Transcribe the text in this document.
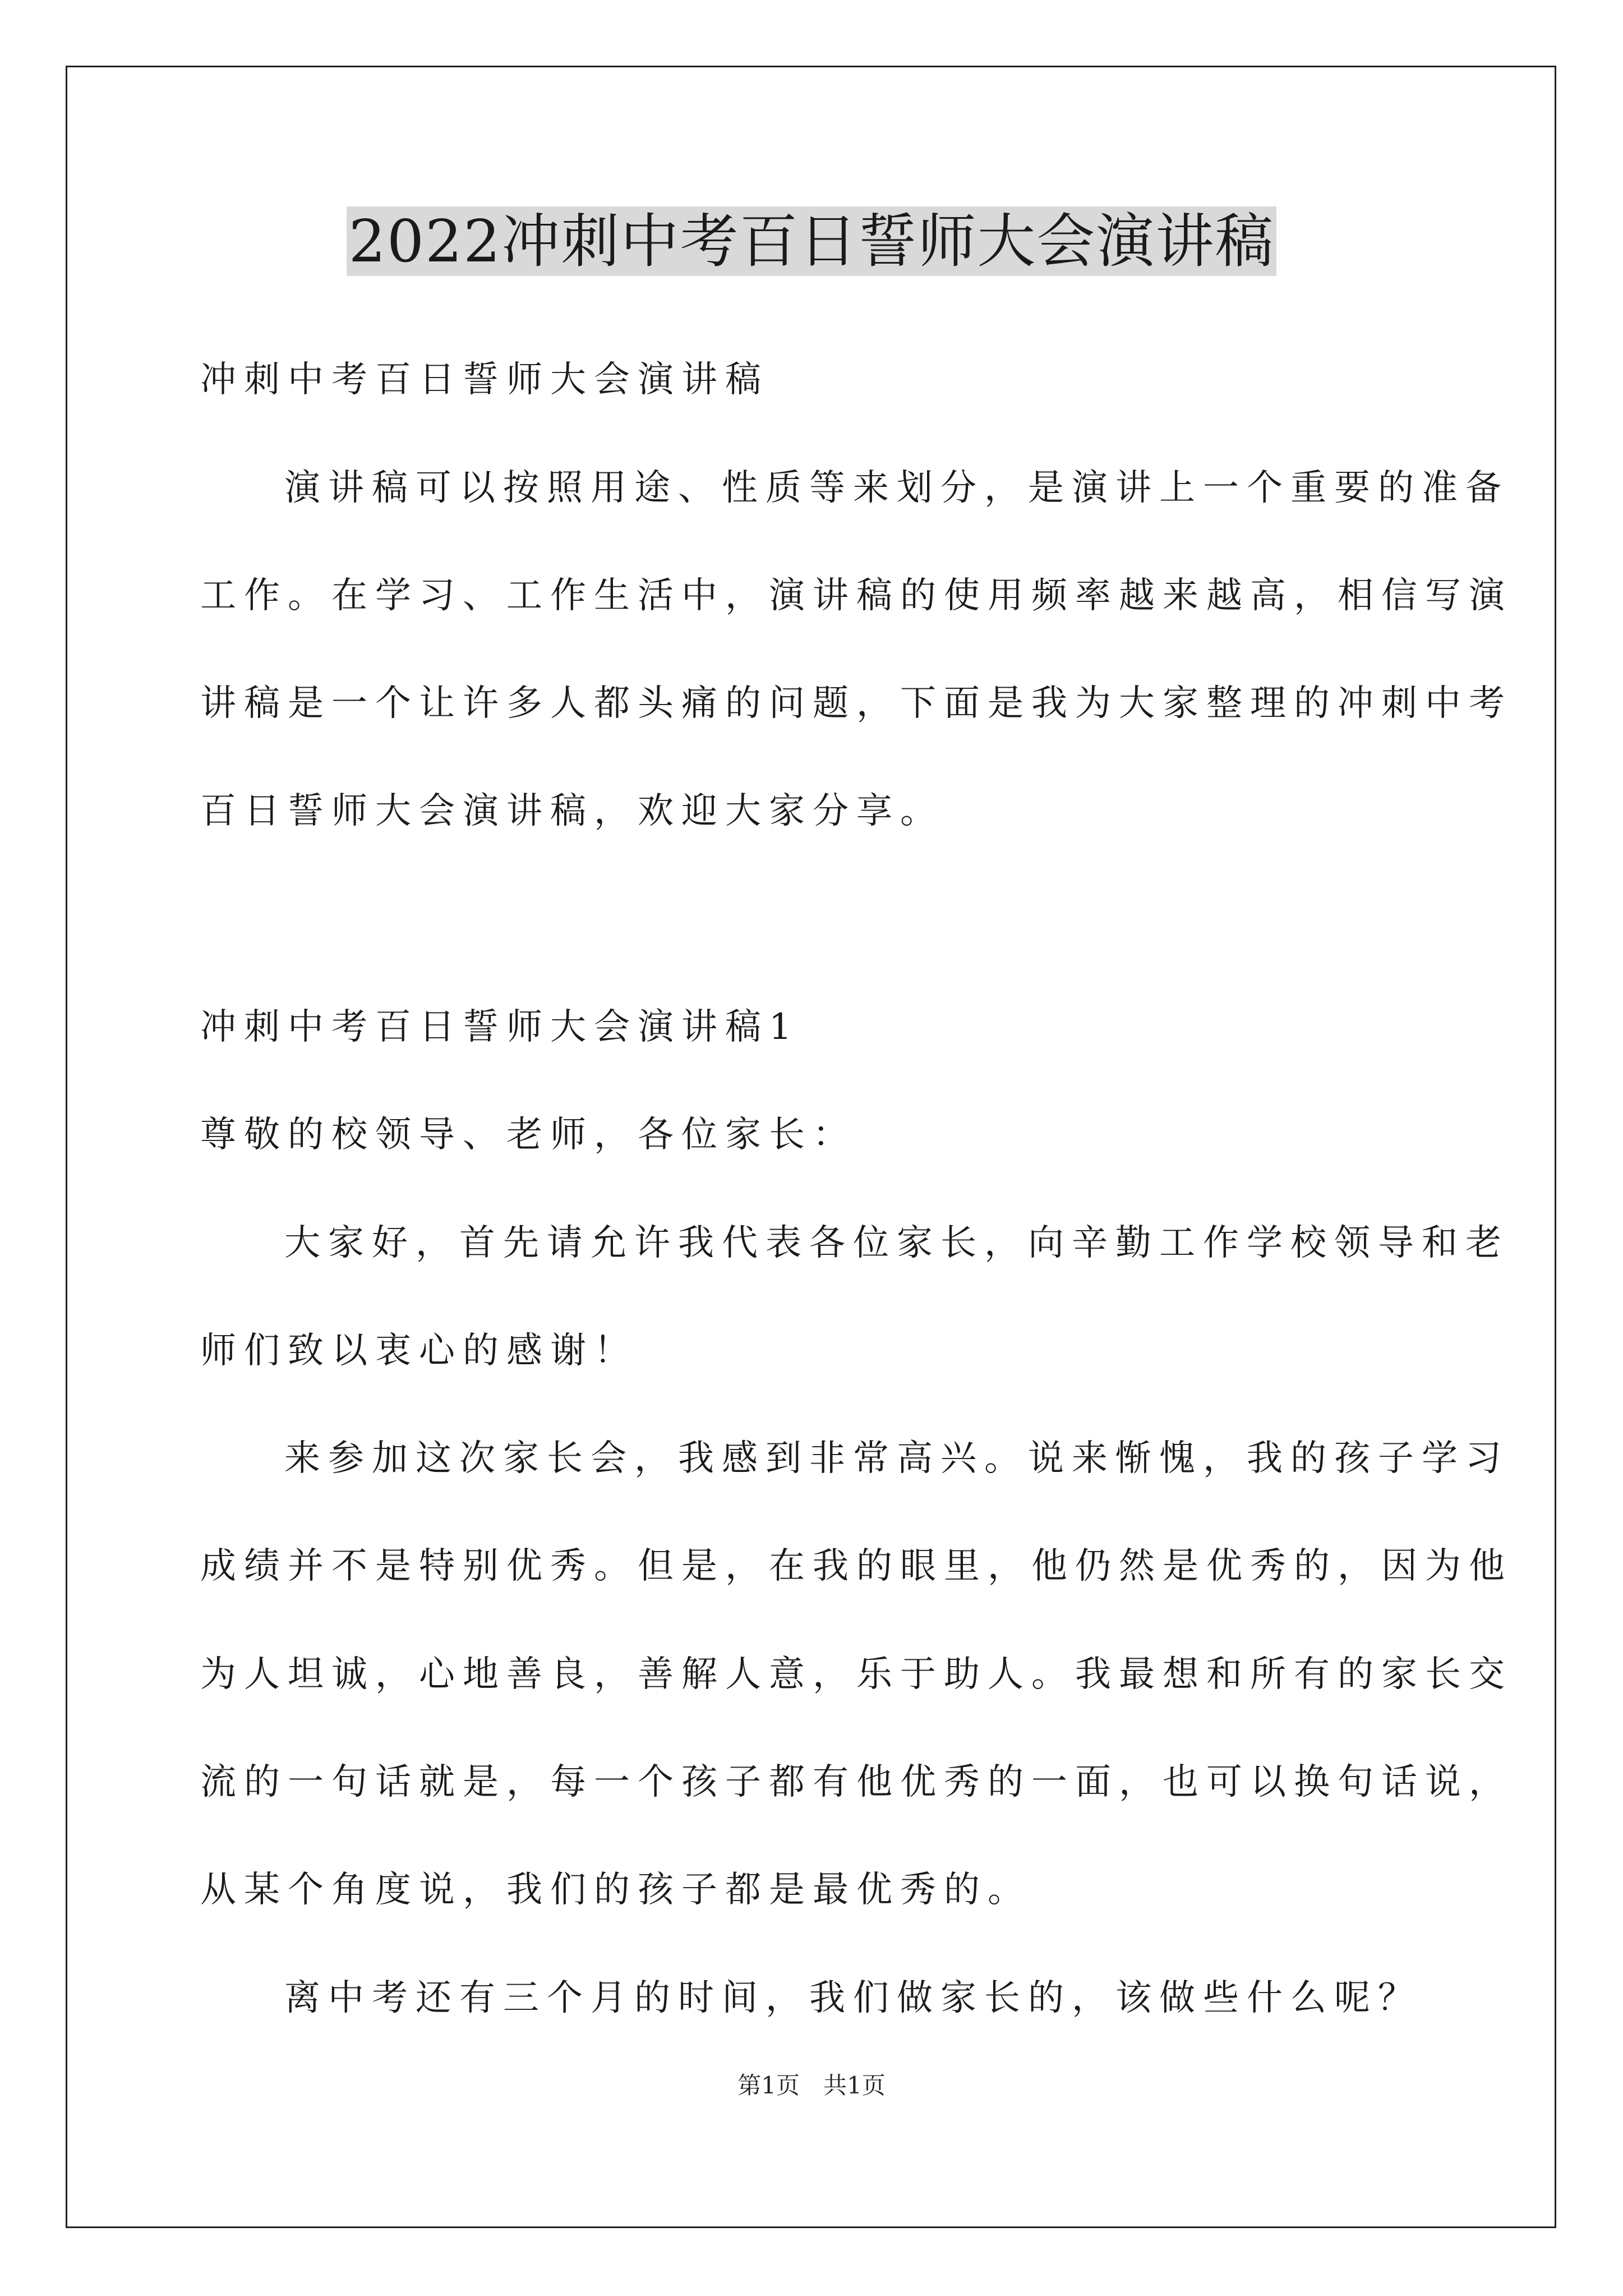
2022冲刺中考百日誓师大会演讲稿
冲刺中考百日誓师大会演讲稿
演讲稿可以按照用途、性质等来划分，是演讲上一个重要的准备
工作。在学习、工作生活中，演讲稿的使用频率越来越高，相信写演
讲稿是一个让许多人都头痛的问题，下面是我为大家整理的冲刺中考
百日誓师大会演讲稿，欢迎大家分享。
冲刺中考百日誓师大会演讲稿1
尊敬的校领导、老师，各位家长：
大家好，首先请允许我代表各位家长，向辛勤工作学校领导和老
师们致以衷心的感谢！
来参加这次家长会，我感到非常高兴。说来惭愧，我的孩子学习
成绩并不是特别优秀。但是，在我的眼里，他仍然是优秀的，因为他
为人坦诚，心地善良，善解人意，乐于助人。我最想和所有的家长交
流的一句话就是，每一个孩子都有他优秀的一面，也可以换句话说，
从某个角度说，我们的孩子都是最优秀的。
离中考还有三个月的时间，我们做家长的，该做些什么呢？
第1页　共1页
